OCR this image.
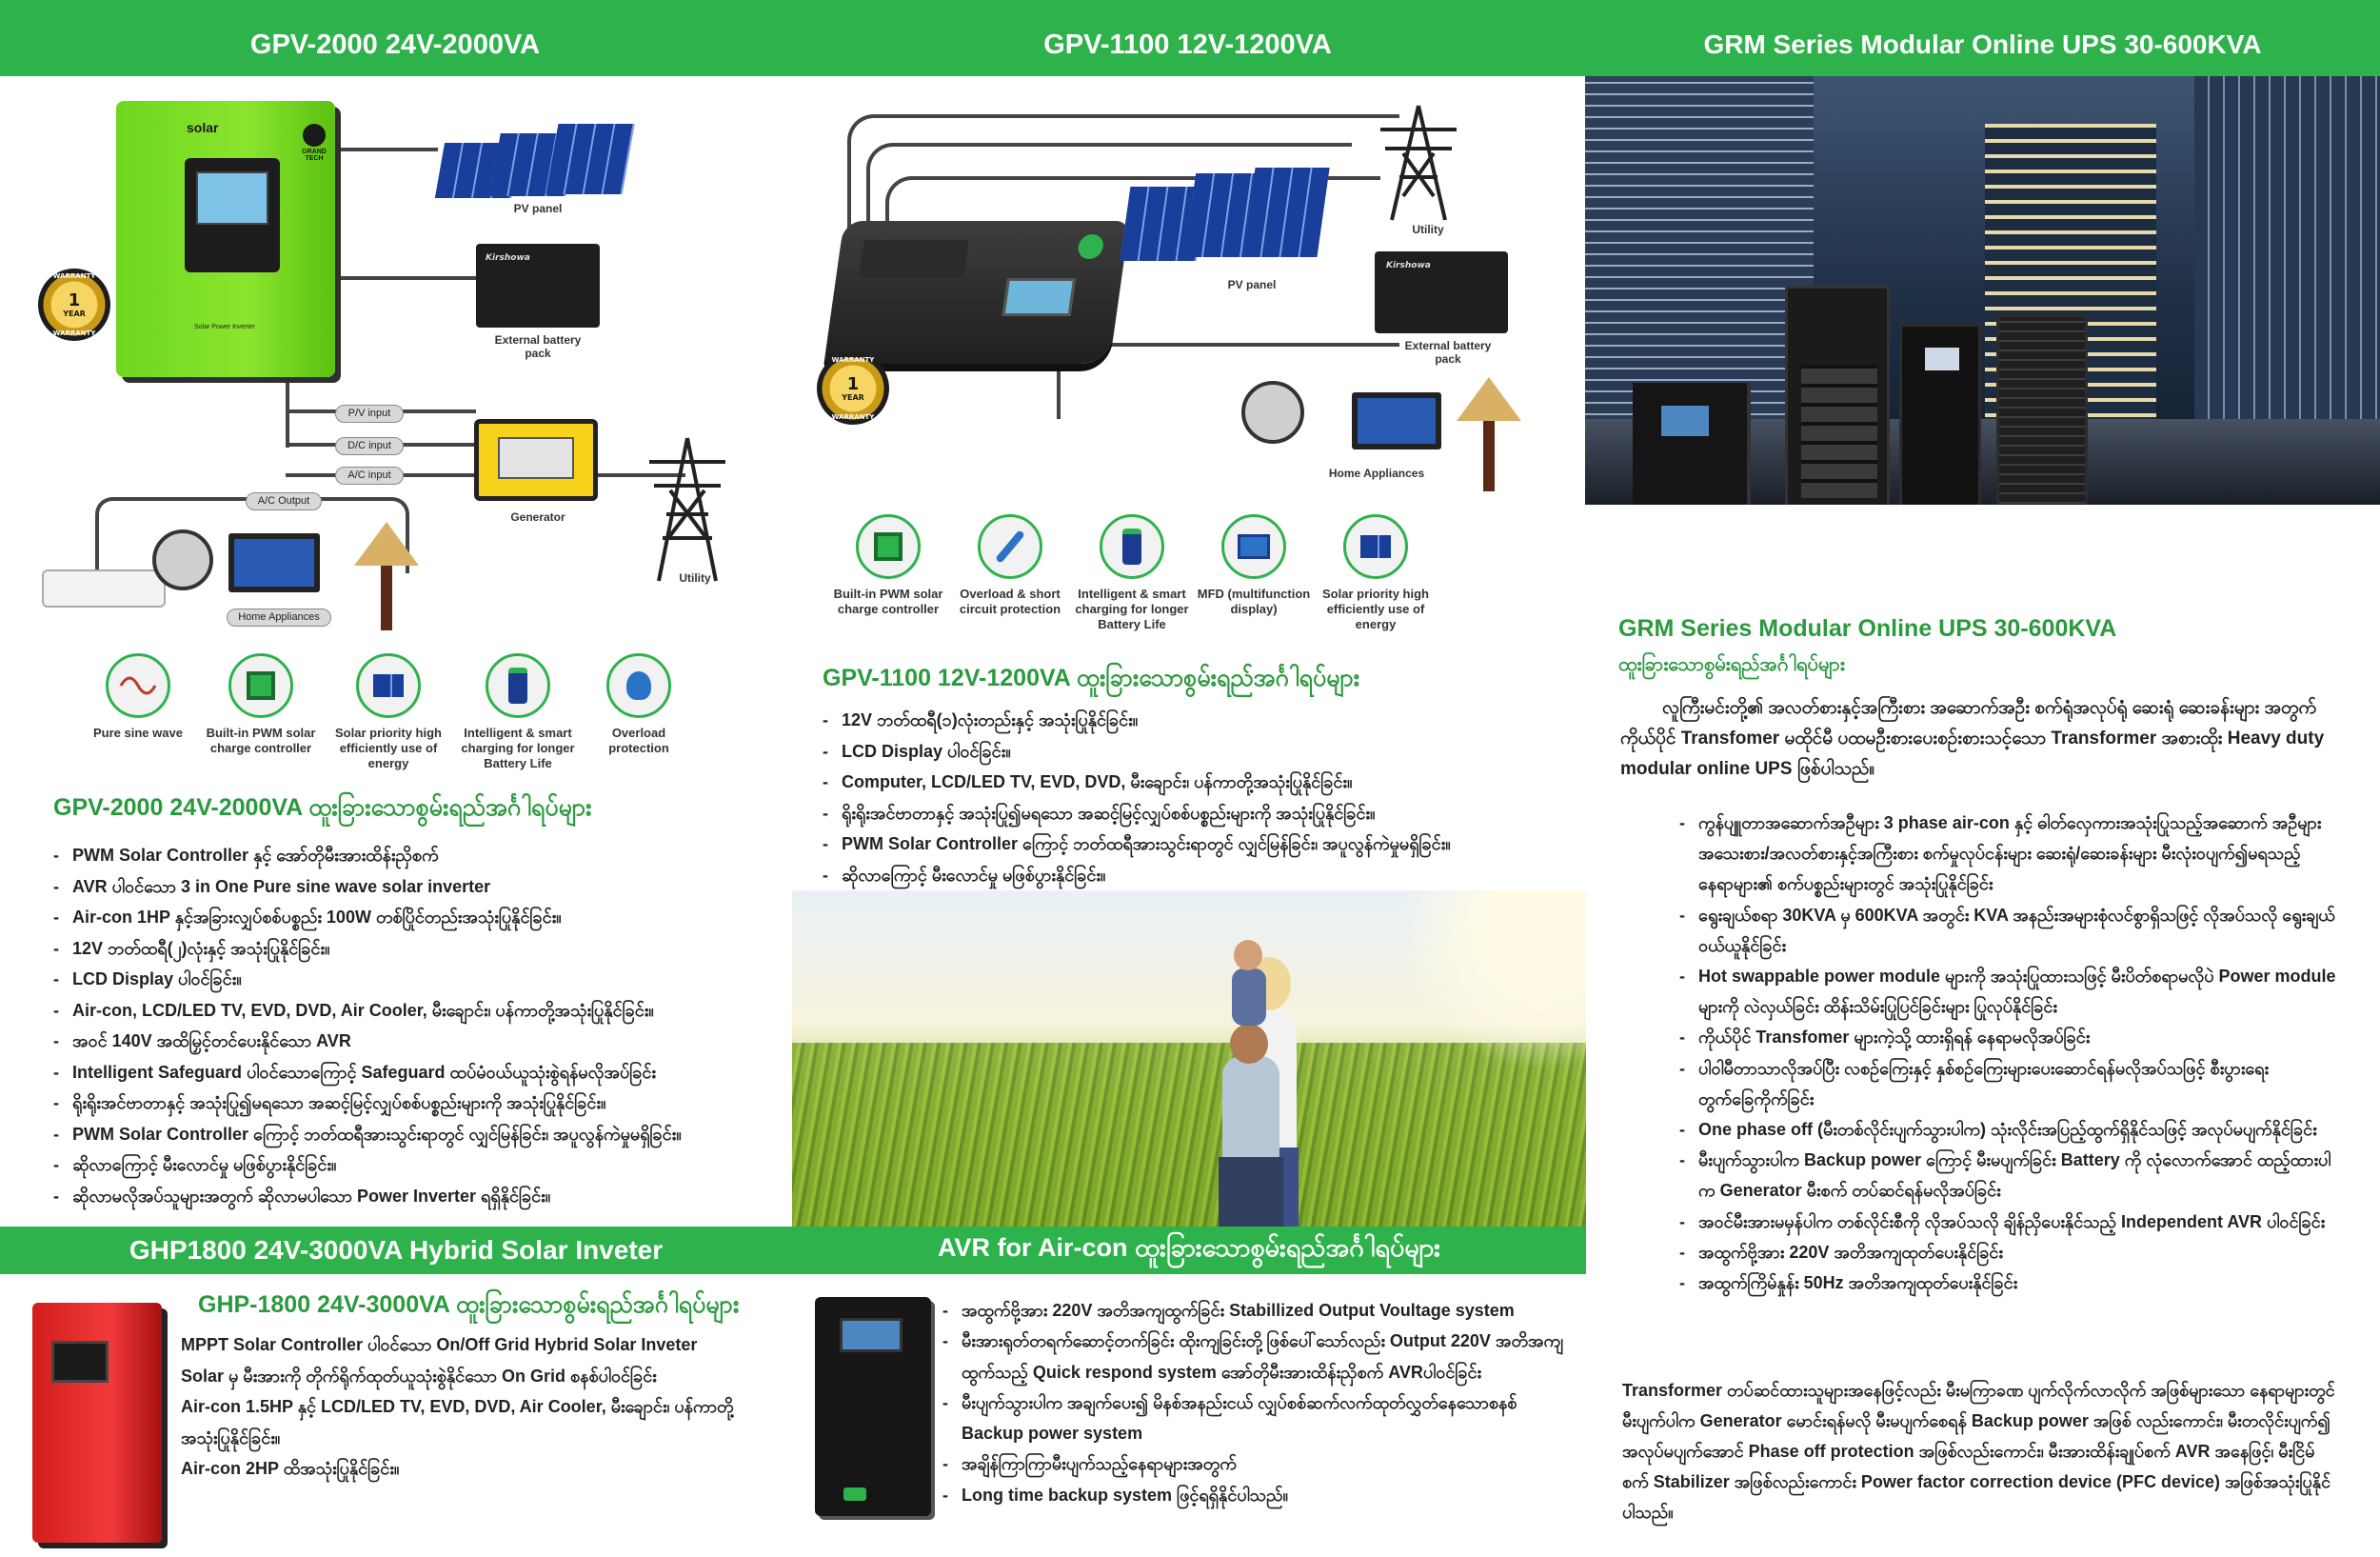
GPV-2000 24V-2000VA	GPV-1100 12V-1200VA	GRM Series Modular Online UPS 30-600KVA
solar
GRAND TECH
Solar Power Inverter
WARRANTY
1
YEAR
WARRANTY
PV panel
Kirshowa
External battery pack
Generator
Utility
P/V input
D/C input
A/C input
A/C Output
Home Appliances
Pure sine wave	Built-in PWM solar charge controller
Solar priority high efficiently use of energy
Intelligent & smart charging for longer Battery Life
Overload protection
GPV-2000 24V-2000VA ထူးခြားသောစွမ်းရည်အင်္ဂါရပ်များ
- PWM Solar Controller နှင့် အော်တိုမီးအားထိန်းညှိစက်
- AVR ပါဝင်သော 3 in One Pure sine wave solar inverter
- Air-con 1HP နှင့်အခြားလျှပ်စစ်ပစ္စည်း 100W တစ်ပြိုင်တည်းအသုံးပြုနိုင်ခြင်း။
- 12V ဘတ်ထရီ(၂)လုံးနှင့် အသုံးပြုနိုင်ခြင်း။
- LCD Display ပါဝင်ခြင်း။
- Air-con, LCD/LED TV, EVD, DVD, Air Cooler, မီးချောင်း၊ ပန်ကာတို့အသုံးပြုနိုင်ခြင်း။
- အဝင် 140V အထိမြှင့်တင်ပေးနိုင်သော AVR
- Intelligent Safeguard ပါဝင်သောကြောင့် Safeguard ထပ်မံဝယ်ယူသုံးစွဲရန်မလိုအပ်ခြင်း
- ရိုးရိုးအင်ဗာတာနှင့် အသုံးပြု၍မရသော အဆင့်မြင့်လျှပ်စစ်ပစ္စည်းများကို အသုံးပြုနိုင်ခြင်း။
- PWM Solar Controller ကြောင့် ဘတ်ထရီအားသွင်းရာတွင် လျှင်မြန်ခြင်း၊ အပူလွန်ကဲမှုမရှိခြင်း။
- ဆိုလာကြောင့် မီးလောင်မှု မဖြစ်ပွားနိုင်ခြင်း။
- ဆိုလာမလိုအပ်သူများအတွက် ဆိုလာမပါသော Power Inverter ရရှိနိုင်ခြင်း။
WARRANTY
1
YEAR
WARRANTY
Utility
PV panel
Kirshowa
External battery pack
Home Appliances
Built-in PWM solar charge controller
Overload & short circuit protection
Intelligent & smart charging for longer Battery Life
MFD (multifunction display)
Solar priority high efficiently use of energy
GPV-1100 12V-1200VA ထူးခြားသောစွမ်းရည်အင်္ဂါရပ်များ
- 12V ဘတ်ထရီ(၁)လုံးတည်းနှင့် အသုံးပြုနိုင်ခြင်း။
- LCD Display ပါဝင်ခြင်း။
- Computer, LCD/LED TV, EVD, DVD, မီးချောင်း၊ ပန်ကာတို့အသုံးပြုနိုင်ခြင်း။
- ရိုးရိုးအင်ဗာတာနှင့် အသုံးပြု၍မရသော အဆင့်မြင့်လျှပ်စစ်ပစ္စည်းများကို အသုံးပြုနိုင်ခြင်း။
- PWM Solar Controller ကြောင့် ဘတ်ထရီအားသွင်းရာတွင် လျှင်မြန်ခြင်း၊ အပူလွန်ကဲမှုမရှိခြင်း။
- ဆိုလာကြောင့် မီးလောင်မှု မဖြစ်ပွားနိုင်ခြင်း။
GRM Series Modular Online UPS 30-600KVA
ထူးခြားသောစွမ်းရည်အင်္ဂါရပ်များ
လူကြီးမင်းတို့၏ အလတ်စားနှင့်အကြီးစား အဆောက်အဦး စက်ရုံအလုပ်ရုံ ဆေးရုံ ဆေးခန်းများ အတွက် ကိုယ်ပိုင် Transfomer မထိုင်မီ ပထမဦးစားပေးစဉ်းစားသင့်သော Transformer အစားထိုး Heavy duty modular online UPS ဖြစ်ပါသည်။
- ကွန်ပျူတာအဆောက်အဦများ 3 phase air-con နှင့် ဓါတ်လှေကားအသုံးပြုသည့်အဆောက် အဦများအသေးစား/အလတ်စားနှင့်အကြီးစား စက်မှုလုပ်ငန်းများ ဆေးရုံ/ဆေးခန်းများ မီးလုံးဝပျက်၍မရသည့် နေရာများ၏ စက်ပစ္စည်းများတွင် အသုံးပြုနိုင်ခြင်း
- ရွေးချယ်စရာ 30KVA မှ 600KVA အတွင်း KVA အနည်းအများစုံလင်စွာရှိသဖြင့် လိုအပ်သလို ရွေးချယ်ဝယ်ယူနိုင်ခြင်း
- Hot swappable power module များကို အသုံးပြုထားသဖြင့် မီးပိတ်စရာမလိုပဲ Power module များကို လဲလှယ်ခြင်း ထိန်းသိမ်းပြုပြင်ခြင်းများ ပြုလုပ်နိုင်ခြင်း
- ကိုယ်ပိုင် Transfomer များကဲ့သို့ ထားရှိရန် နေရာမလိုအပ်ခြင်း
- ပါဝါမီတာသာလိုအပ်ပြီး လစဉ်ကြေးနှင့် နှစ်စဉ်ကြေးများပေးဆောင်ရန်မလိုအပ်သဖြင့် စီးပွားရေး တွက်ခြေကိုက်ခြင်း
- One phase off (မီးတစ်လိုင်းပျက်သွားပါက) သုံးလိုင်းအပြည့်ထွက်ရှိနိုင်သဖြင့် အလုပ်မပျက်နိုင်ခြင်း
- မီးပျက်သွားပါက Backup power ကြောင့် မီးမပျက်ခြင်း Battery ကို လုံလောက်အောင် ထည့်ထားပါက Generator မီးစက် တပ်ဆင်ရန်မလိုအပ်ခြင်း
- အဝင်မီးအားမမှန်ပါက တစ်လိုင်းစီကို လိုအပ်သလို ချိန်ညှိပေးနိုင်သည့် Independent AVR ပါဝင်ခြင်း
- အထွက်ဗို့အား 220V အတိအကျထုတ်ပေးနိုင်ခြင်း
- အထွက်ကြိမ်နှုန်း 50Hz အတိအကျထုတ်ပေးနိုင်ခြင်း
Transformer တပ်ဆင်ထားသူများအနေဖြင့်လည်း မီးမကြာခဏ ပျက်လိုက်လာလိုက် အဖြစ်များသော နေရာများတွင် မီးပျက်ပါက Generator မောင်းရန်မလို မီးမပျက်စေရန် Backup power အဖြစ် လည်းကောင်း၊ မီးတလိုင်းပျက်၍ အလုပ်မပျက်အောင် Phase off protection အဖြစ်လည်းကောင်း၊ မီးအားထိန်းချုပ်စက် AVR အနေဖြင့်၊ မီးငြိမ်စက် Stabilizer အဖြစ်လည်းကောင်း Power factor correction device (PFC device) အဖြစ်အသုံးပြုနိုင်ပါသည်။
GHP1800 24V-3000VA Hybrid Solar Inveter	AVR for Air-con ထူးခြားသောစွမ်းရည်အင်္ဂါရပ်များ
GHP-1800 24V-3000VA ထူးခြားသောစွမ်းရည်အင်္ဂါရပ်များ
- MPPT Solar Controller ပါဝင်သော On/Off Grid Hybrid Solar Inveter
- Solar မှ မီးအားကို တိုက်ရိုက်ထုတ်ယူသုံးစွဲနိုင်သော On Grid စနစ်ပါဝင်ခြင်း
- Air-con 1.5HP နှင့် LCD/LED TV, EVD, DVD, Air Cooler, မီးချောင်း၊ ပန်ကာတို့အသုံးပြုနိုင်ခြင်း။
- Air-con 2HP ထိအသုံးပြုနိုင်ခြင်း။
- အထွက်ဗို့အား 220V အတိအကျထွက်ခြင်း Stabillized Output Voultage system
- မီးအားရုတ်တရက်ဆောင့်တက်ခြင်း ထိုးကျခြင်းတို့ဖြစ်ပေါ်သော်လည်း Output 220V အတိအကျထွက်သည့် Quick respond system အော်တိုမီးအားထိန်းညှိစက် AVRပါဝင်ခြင်း
- မီးပျက်သွားပါက အချက်ပေး၍ မိနစ်အနည်းငယ် လျှပ်စစ်ဆက်လက်ထုတ်လွှတ်နေသောစနစ် Backup power system
- အချိန်ကြာကြာမီးပျက်သည့်နေရာများအတွက်
- Long time backup system ဖြင့်ရရှိနိုင်ပါသည်။
